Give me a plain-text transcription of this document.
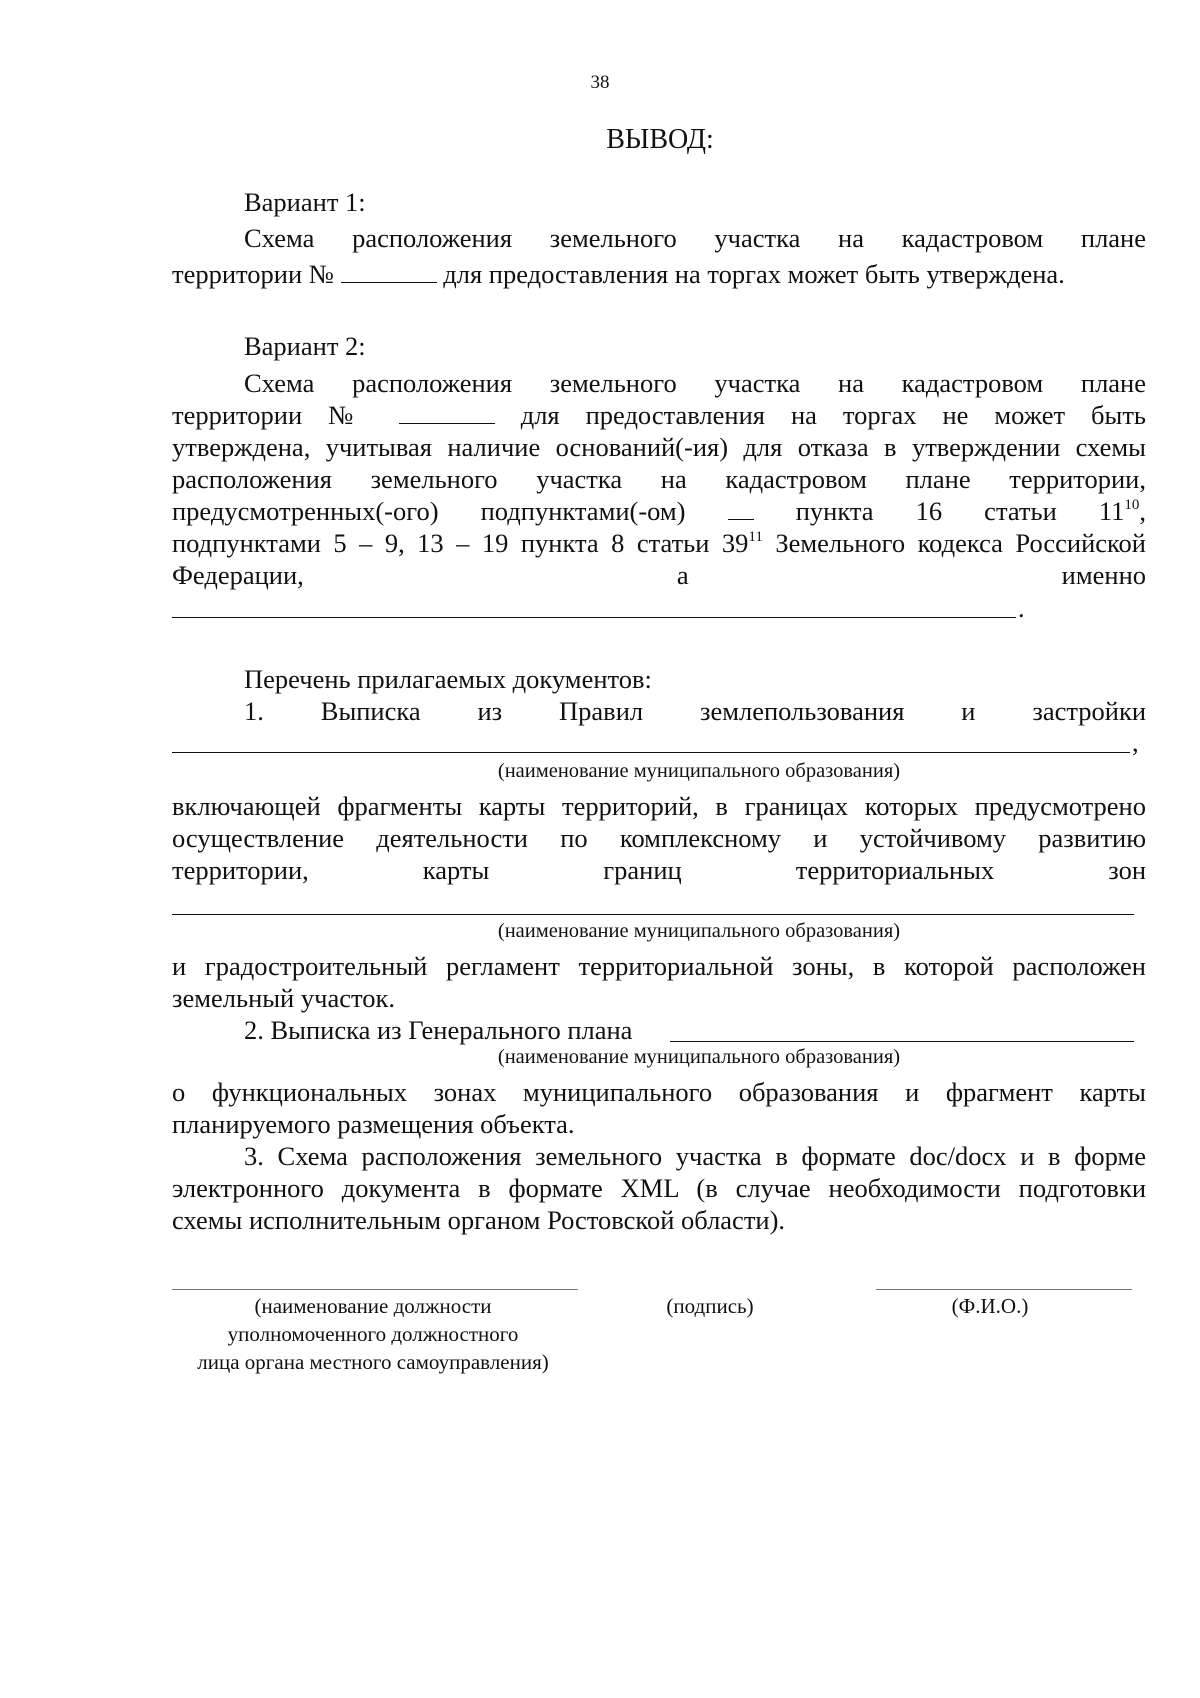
38
ВЫВОД:
Вариант 1:
Схема расположения земельного участка на кадастровом плане
территории №	для предоставления на торгах может быть утверждена.
Вариант 2:
Схема расположения земельного участка на кадастровом плане
территории №	для предоставления на торгах не может быть
утверждена, учитывая наличие оснований(-ия) для отказа в утверждении схемы
расположения земельного участка на кадастровом плане территории,
предусмотренных(-ого) подпунктами(-ом)	пункта 16 статьи $11^{10}$,
подпунктами 5 – 9, 13 – 19 пункта 8 статьи $39^{11}$ Земельного кодекса Российской
Федерации,	а именно
.
Перечень прилагаемых документов:
1. Выписка из Правил землепользования и застройки
,
(наименование муниципального образования)
включающей фрагменты карты территорий, в границах которых предусмотрено
осуществление деятельности по комплексному и устойчивому развитию
территории, карты границ территориальных	зон
(наименование муниципального образования)
и градостроительный регламент территориальной зоны, в которой расположен
земельный участок.
2. Выписка из Генерального плана
(наименование муниципального образования)
о функциональных зонах муниципального образования и фрагмент карты
планируемого размещения объекта.
3. Схема расположения земельного участка в формате doc/docx и в форме
электронного документа в формате XML (в случае необходимости подготовки
схемы исполнительным органом Ростовской области).
(наименование должности
уполномоченного должностного
лица органа местного самоуправления)
(подпись)	(Ф.И.О.)
